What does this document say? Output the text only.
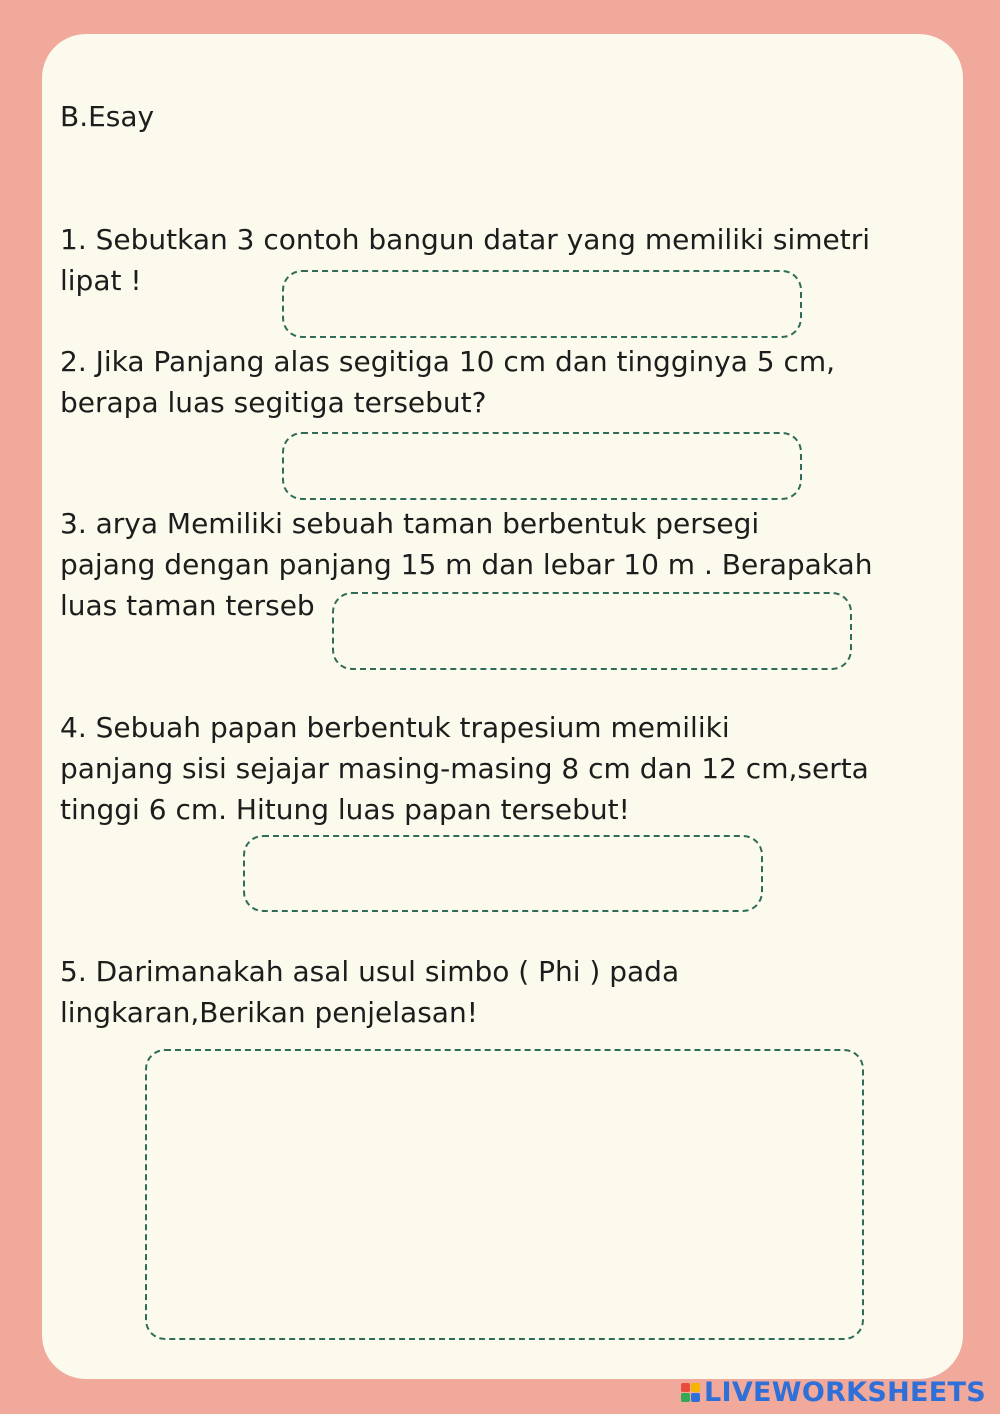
B.Esay
1. Sebutkan 3 contoh bangun datar yang memiliki simetri
lipat !
2. Jika Panjang alas segitiga 10 cm dan tingginya 5 cm,
berapa luas segitiga tersebut?
3. arya Memiliki sebuah taman berbentuk persegi
pajang dengan panjang 15 m dan lebar 10 m . Berapakah
luas taman terseb
4. Sebuah papan berbentuk trapesium memiliki
panjang sisi sejajar masing-masing 8 cm dan 12 cm,serta
tinggi 6 cm. Hitung luas papan tersebut!
5. Darimanakah asal usul simbo ( Phi ) pada
lingkaran,Berikan penjelasan!
LIVEWORKSHEETS
